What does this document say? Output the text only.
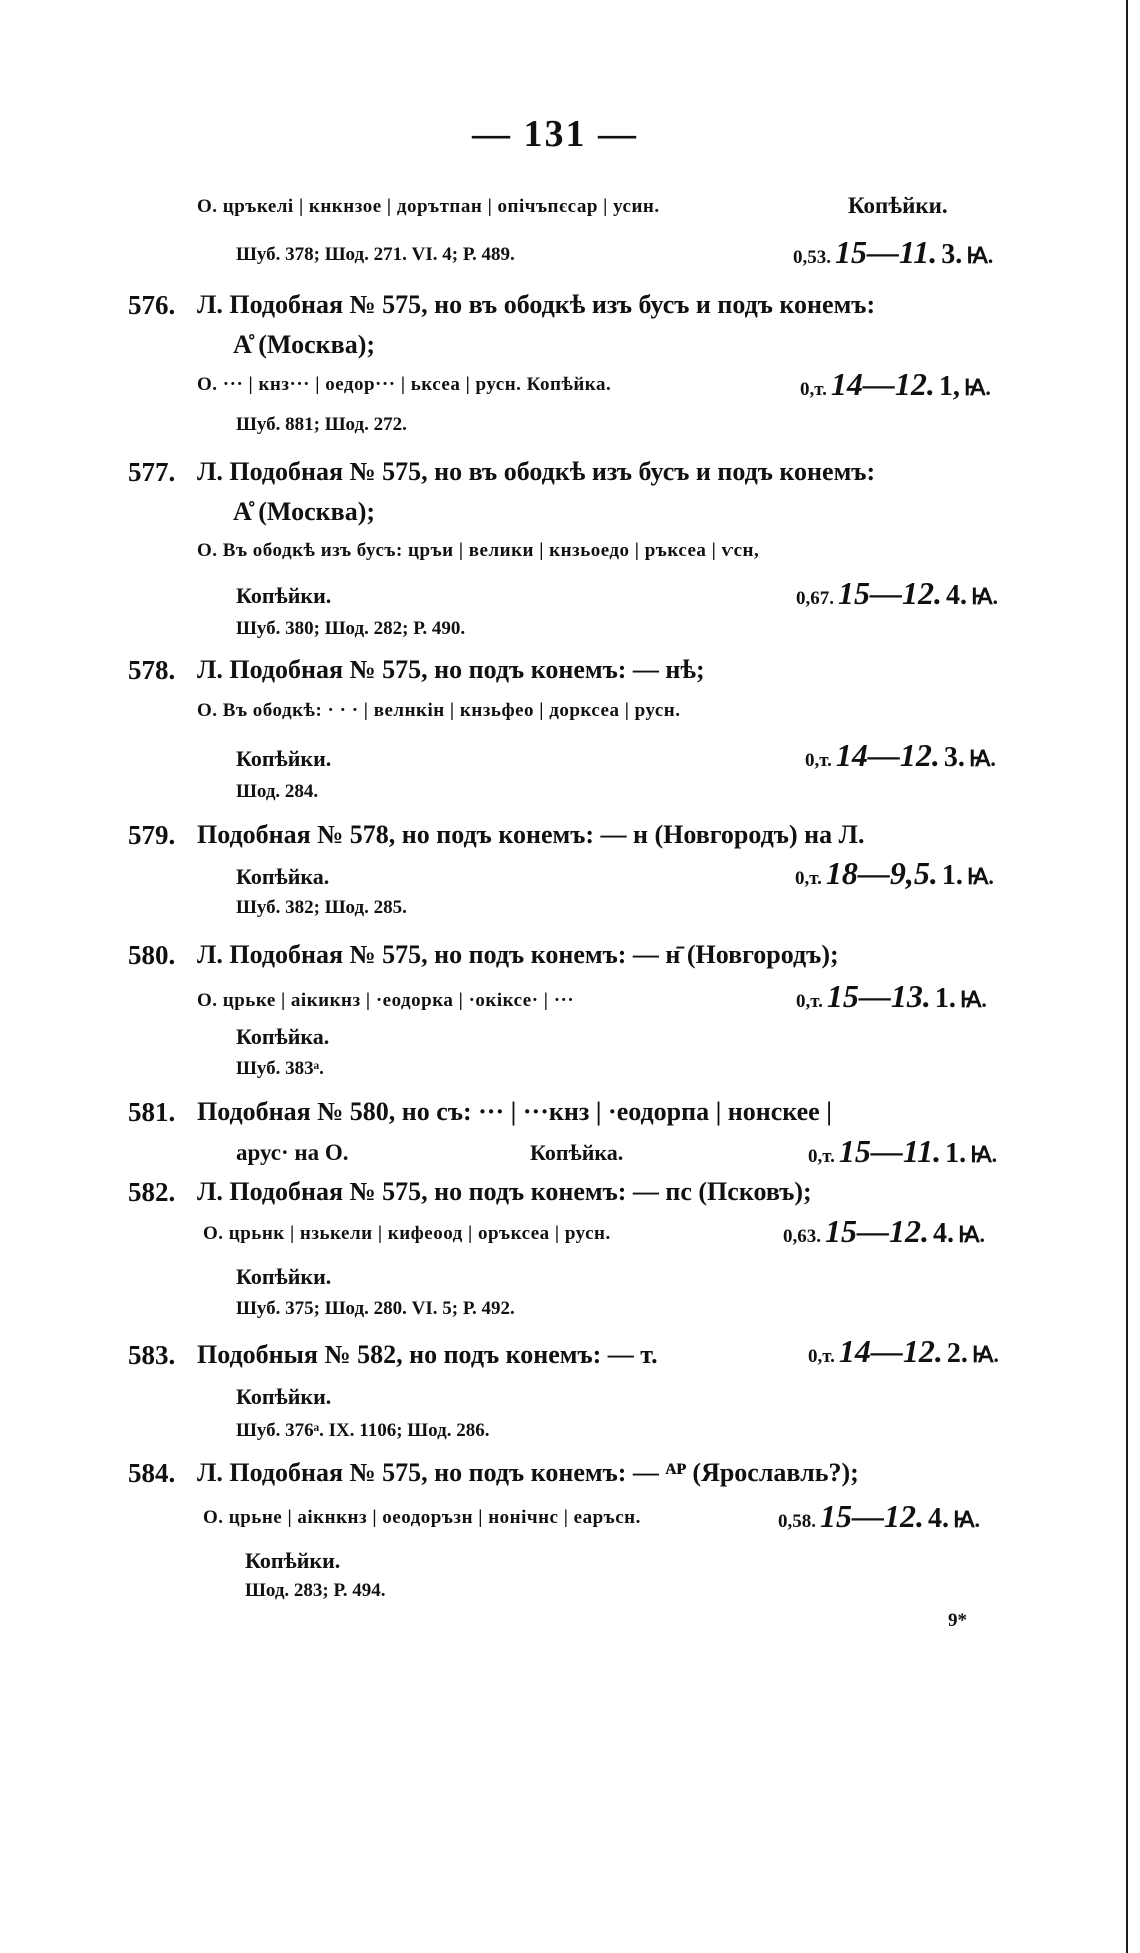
— 131 —
О. цръкелі | кнкнзое | дорътпан | опічъпєсар | усин.	Копѣйки.
Шуб. 378; Шод. 271. VI. 4; Р. 489.	0,53. 15—11. 3. Ꙗ.
576. Л. Подобная № 575, но въ ободкѣ изъ бусъ и подъ конемъ:
А̊ (Москва);
О. ··· | кнз··· | оедор··· | ьксеа | русн. Копѣйка.	0,т. 14—12. 1, Ꙗ.
Шуб. 881; Шод. 272.
577. Л. Подобная № 575, но въ ободкѣ изъ бусъ и подъ конемъ:
А̊ (Москва);
О. Въ ободкѣ изъ бусъ: цръи | велики | кнзьоедо | ръксеа | ѵсн,
Копѣйки.	0,67. 15—12. 4. Ꙗ.
Шуб. 380; Шод. 282; Р. 490.
578. Л. Подобная № 575, но подъ конемъ: — нѣ;
О. Въ ободкѣ: · · · | велнкін | кнзьфео | дорксеа | русн.
Копѣйки.	0,т. 14—12. 3. Ꙗ.
Шод. 284.
579. Подобная № 578, но подъ конемъ: — н (Новгородъ) на Л.
Копѣйка.	0,т. 18—9,5. 1. Ꙗ.
Шуб. 382; Шод. 285.
580. Л. Подобная № 575, но подъ конемъ: — н̄ (Новгородъ);
О. црьке | аікикнз | ·еодорка | ·окіксе· | ···	0,т. 15—13. 1. Ꙗ.
Копѣйка.
Шуб. 383ᵃ.
581. Подобная № 580, но съ: ··· | ···кнз | ·еодорпа | нонскее |
арус· на О.	Копѣйка.	0,т. 15—11. 1. Ꙗ.
582. Л. Подобная № 575, но подъ конемъ: — пс (Псковъ);
О. црьнк | нзькели | кифеоод | оръксеа | русн.	0,63. 15—12. 4. Ꙗ.
Копѣйки.
Шуб. 375; Шод. 280. VI. 5; Р. 492.
583. Подобныя № 582, но подъ конемъ: — т.	0,т. 14—12. 2. Ꙗ.
Копѣйки.
Шуб. 376ᵃ. IX. 1106; Шод. 286.
584. Л. Подобная № 575, но подъ конемъ: — ᴬᴾ (Ярославль?);
О. црьне | аікнкнз | оеодоръзн | нонічнс | еаръсн.	0,58. 15—12. 4. Ꙗ.
Копѣйки.
Шод. 283; Р. 494.
9*
